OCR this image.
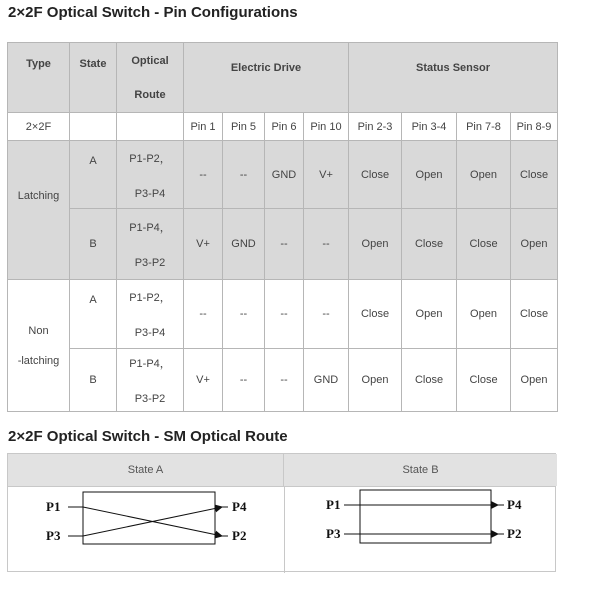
2×2F Optical Switch - Pin Configurations
Type	State	Optical
Route	Electric Drive				Status Sensor			
2×2F			Pin 1	Pin 5	Pin 6	Pin 10	Pin 2-3	Pin 3-4	Pin 7-8	Pin 8-9
Latching	A	P1-P2，
P3-P4	--	--	GND	V+	Close	Open	Open	Close
	B	P1-P4，
P3-P2	V+	GND	--	--	Open	Close	Close	Open

Non
-latching	A	P1-P2，
P3-P4	--	--	--	--	Close	Open	Open	Close
	B	P1-P4，
P3-P2	V+	--	--	GND	Open	Close	Close	Open
2×2F Optical Switch - SM Optical Route
State A	State B
P1
P3
P4
P2
P1
P3
P4
P2
